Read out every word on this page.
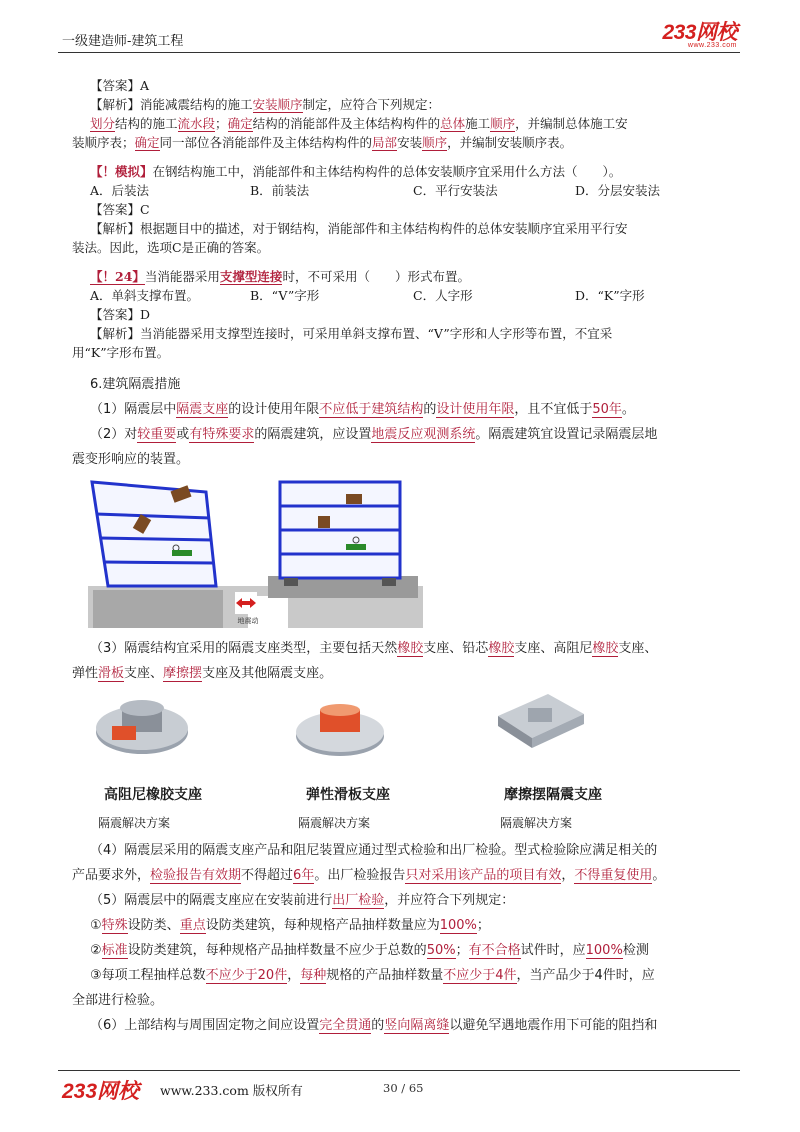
一级建造师-建筑工程	233网校
www.233.com
【答案】A
【解析】消能减震结构的施工安装顺序制定，应符合下列规定：
划分结构的施工流水段；确定结构的消能部件及主体结构构件的总体施工顺序，并编制总体施工安
装顺序表；确定同一部位各消能部件及主体结构构件的局部安装顺序，并编制安装顺序表。
【！模拟】在钢结构施工中，消能部件和主体结构构件的总体安装顺序宜采用什么方法（　　）。
A．后装法	B．前装法	C．平行安装法	D．分层安装法
【答案】C
【解析】根据题目中的描述，对于钢结构，消能部件和主体结构构件的总体安装顺序宜采用平行安
装法。因此，选项C是正确的答案。
【！24】当消能器采用支撑型连接时，不可采用（　　）形式布置。
A．单斜支撑布置。	B．“V”字形	C．人字形	D．“K”字形
【答案】D
【解析】当消能器采用支撑型连接时，可采用单斜支撑布置、“V”字形和人字形等布置，不宜采
用“K”字形布置。
6.建筑隔震措施
（1）隔震层中隔震支座的设计使用年限不应低于建筑结构的设计使用年限，且不宜低于50年。
（2）对较重要或有特殊要求的隔震建筑，应设置地震反应观测系统。隔震建筑宜设置记录隔震层地
震变形响应的装置。
地震动
（3）隔震结构宜采用的隔震支座类型，主要包括天然橡胶支座、铅芯橡胶支座、高阻尼橡胶支座、
弹性滑板支座、摩擦摆支座及其他隔震支座。
高阻尼橡胶支座	弹性滑板支座	摩擦摆隔震支座
隔震解决方案	隔震解决方案	隔震解决方案
（4）隔震层采用的隔震支座产品和阻尼装置应通过型式检验和出厂检验。型式检验除应满足相关的
产品要求外，检验报告有效期不得超过6年。出厂检验报告只对采用该产品的项目有效，不得重复使用。
（5）隔震层中的隔震支座应在安装前进行出厂检验，并应符合下列规定：
①特殊设防类、重点设防类建筑，每种规格产品抽样数量应为100%；
②标准设防类建筑，每种规格产品抽样数量不应少于总数的50%；有不合格试件时，应100%检测
③每项工程抽样总数不应少于20件，每种规格的产品抽样数量不应少于4件，当产品少于4件时，应
全部进行检验。
（6）上部结构与周围固定物之间应设置完全贯通的竖向隔离缝以避免罕遇地震作用下可能的阻挡和
233网校 www.233.com 版权所有	30 / 65
